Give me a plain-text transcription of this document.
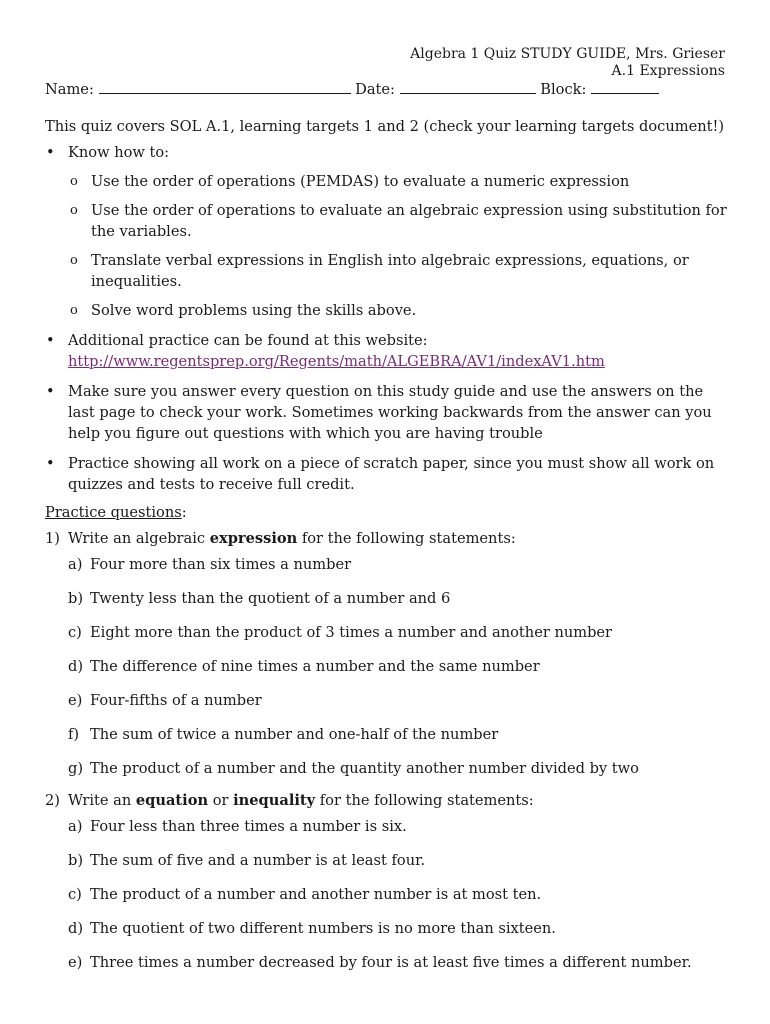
Algebra 1 Quiz STUDY GUIDE, Mrs. Grieser
A.1 Expressions
Name:	Date:	Block:

This quiz covers SOL A.1, learning targets 1 and 2 (check your learning targets document!)

• Know how to:
o Use the order of operations (PEMDAS) to evaluate a numeric expression
o Use the order of operations to evaluate an algebraic expression using substitution for the variables.
o Translate verbal expressions in English into algebraic expressions, equations, or inequalities.
o Solve word problems using the skills above.
• Additional practice can be found at this website:
http://www.regentsprep.org/Regents/math/ALGEBRA/AV1/indexAV1.htm
• Make sure you answer every question on this study guide and use the answers on the last page to check your work. Sometimes working backwards from the answer can you help you figure out questions with which you are having trouble
• Practice showing all work on a piece of scratch paper, since you must show all work on quizzes and tests to receive full credit.

Practice questions:

1) Write an algebraic expression for the following statements:
a) Four more than six times a number
b) Twenty less than the quotient of a number and 6
c) Eight more than the product of 3 times a number and another number
d) The difference of nine times a number and the same number
e) Four-fifths of a number
f) The sum of twice a number and one-half of the number
g) The product of a number and the quantity another number divided by two
2) Write an equation or inequality for the following statements:
a) Four less than three times a number is six.
b) The sum of five and a number is at least four.
c) The product of a number and another number is at most ten.
d) The quotient of two different numbers is no more than sixteen.
e) Three times a number decreased by four is at least five times a different number.
